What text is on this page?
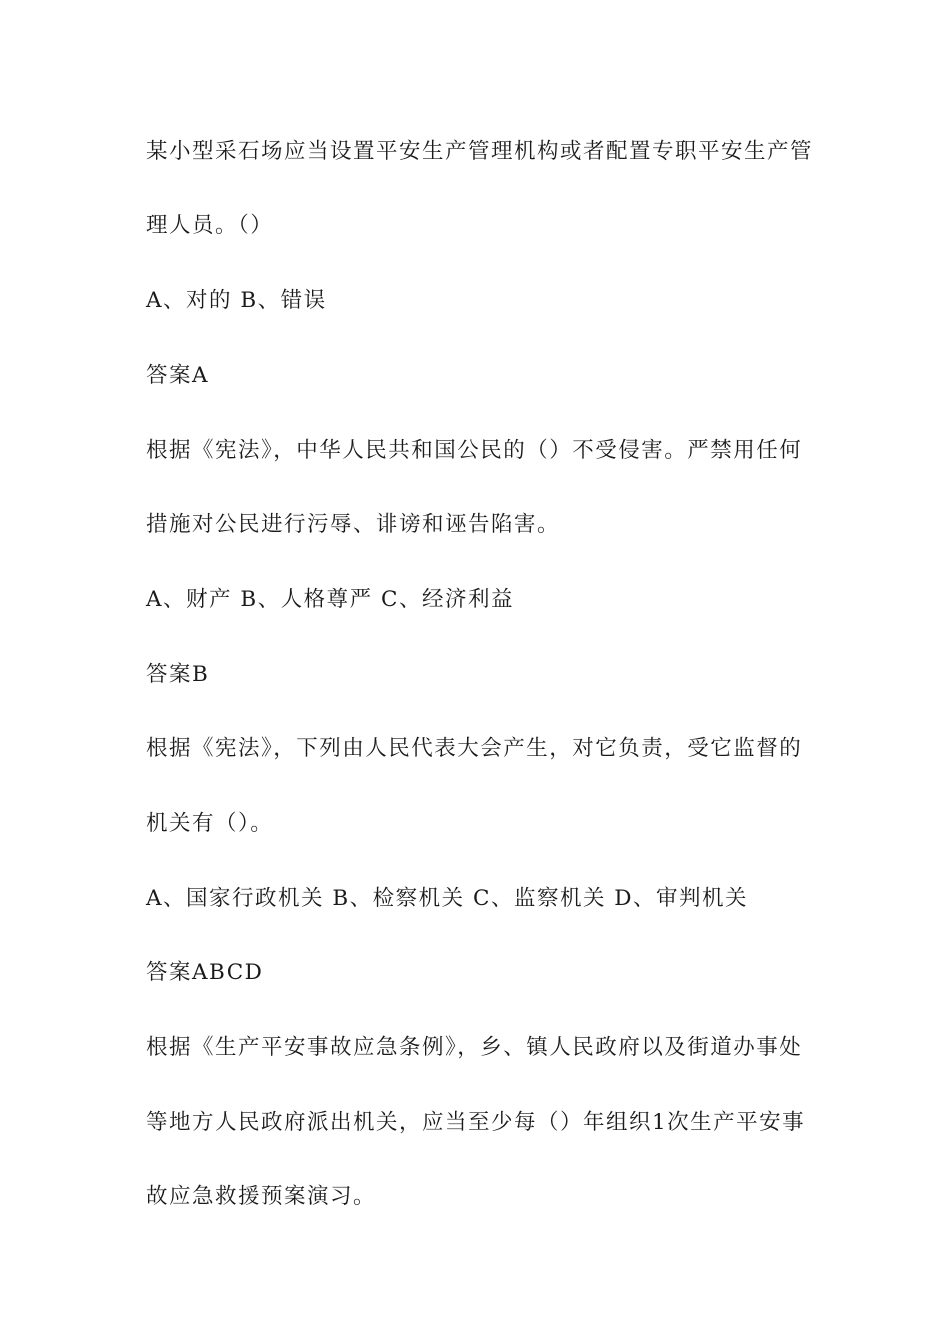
某小型采石场应当设置平安生产管理机构或者配置专职平安生产管
理人员。（）
A、对的 B、错误
答案A
根据《宪法》，中华人民共和国公民的（）不受侵害。严禁用任何
措施对公民进行污辱、诽谤和诬告陷害。
A、财产 B、人格尊严 C、经济利益
答案B
根据《宪法》，下列由人民代表大会产生，对它负责，受它监督的
机关有（）。
A、国家行政机关 B、检察机关 C、监察机关 D、审判机关
答案ABCD
根据《生产平安事故应急条例》，乡、镇人民政府以及街道办事处
等地方人民政府派出机关，应当至少每（）年组织1次生产平安事
故应急救援预案演习。
